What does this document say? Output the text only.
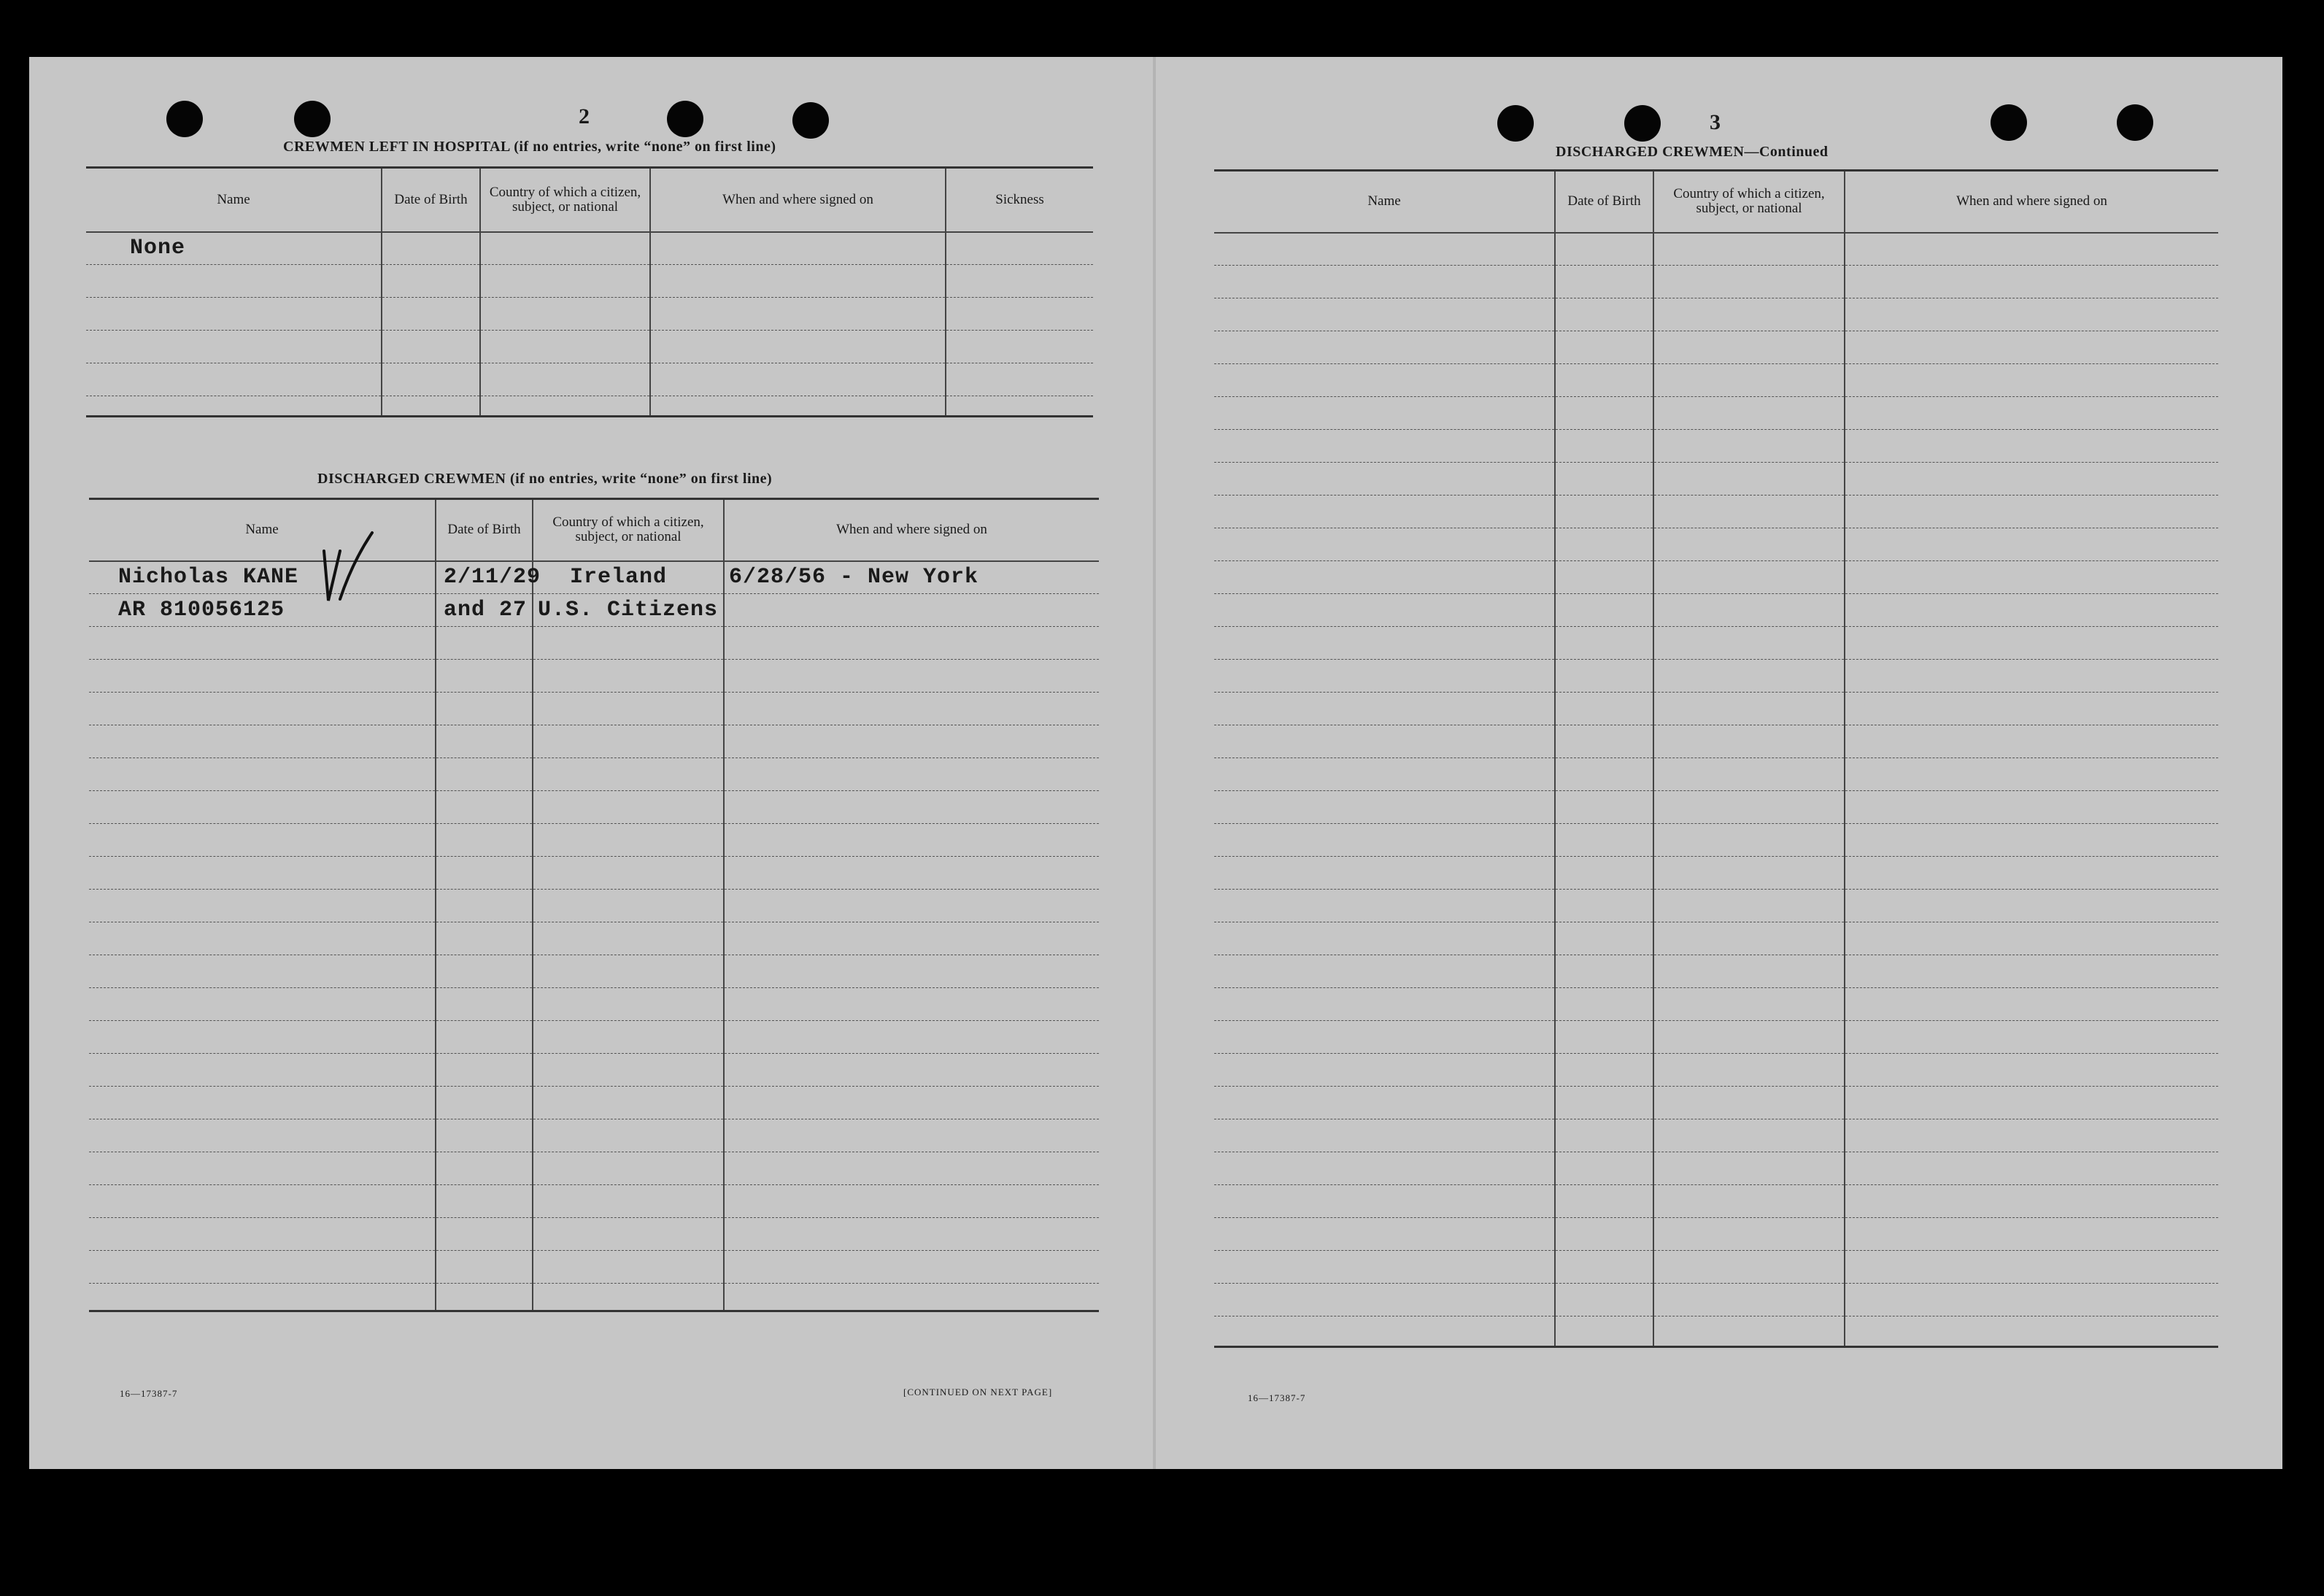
2
CREWMEN LEFT IN HOSPITAL (if no entries, write “none” on first line)
Name	Date of Birth	Country of which a citizen, subject, or national	When and where signed on	Sickness
None				

DISCHARGED CREWMEN (if no entries, write “none” on first line)
Name	Date of Birth	Country of which a citizen, subject, or national	When and where signed on
Nicholas KANE	2/11/29	Ireland	6/28/56 - New York
AR 810056125	and 27	U.S. Citizens	

16—17387-7	[CONTINUED ON NEXT PAGE]
3
DISCHARGED CREWMEN—Continued
Name	Date of Birth	Country of which a citizen, subject, or national	When and where signed on

16—17387-7
